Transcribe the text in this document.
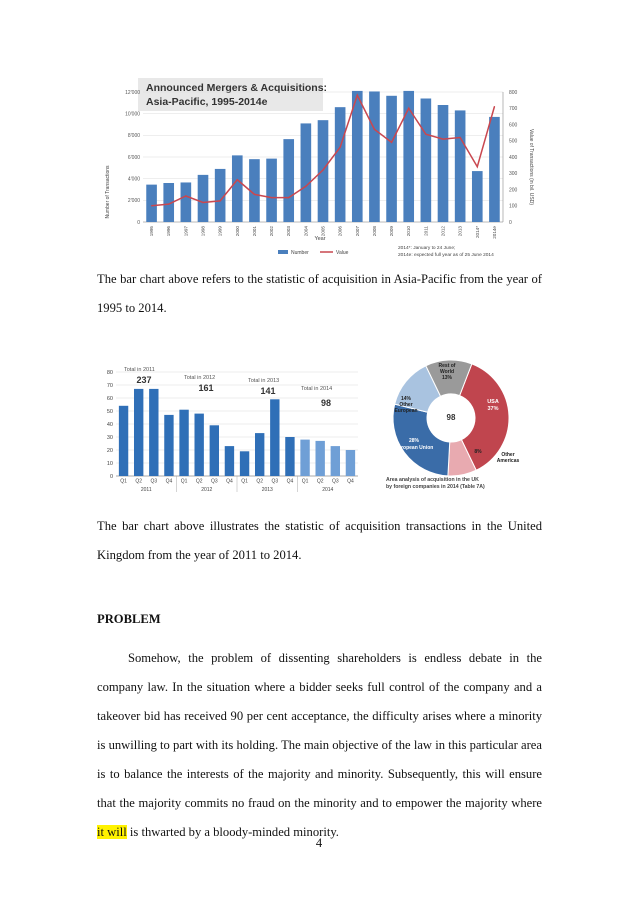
Announced Mergers & Acquisitions:
Asia-Pacific, 1995-2014e
Number of Transactions	Value of Transactions (in bil. USD)
Year
0
2'000
4'000
6'000
8'000
10'000
12'000
0
100
200
300
400
500
600
700
800
1995	1996	1997	1998	1999	2000	2001	2002	2003	2004	2005	2006	2007	2008	2009	2010	2011	2012	2013	2014*	2014e
Number	Value
2014*: January to 24 June;
2014e: expected full year as of 25 June 2014
The bar chart above refers to the statistic of acquisition in Asia-Pacific from the year of 1995 to 2014.
0
10
20
30
40
50
60
70
80
Q1 Q2 Q3 Q4 Q1 Q2 Q3 Q4 Q1 Q2 Q3 Q4 Q1 Q2 Q3 Q4
2011	2012	2013	2014
Total in 2011
237	Total in 2012
161
Total in 2013
141	Total in 2014
98
98
Rest of
World
13%
USA
37%
8%	Other
Americas
28%
European Union
14%
Other
European
Area analysis of acquisition in the UK
by foreign companies in 2014 (Table 7A)
The bar chart above illustrates the statistic of acquisition transactions in the United Kingdom from the year of 2011 to 2014.
PROBLEM
Somehow, the problem of dissenting shareholders is endless debate in the company law. In the situation where a bidder seeks full control of the company and a takeover bid has received 90 per cent acceptance, the difficulty arises where a minority is unwilling to part with its holding. The main objective of the law in this particular area is to balance the interests of the majority and minority. Subsequently, this will ensure that the majority commits no fraud on the minority and to empower the majority where it will is thwarted by a bloody-minded minority.
4
